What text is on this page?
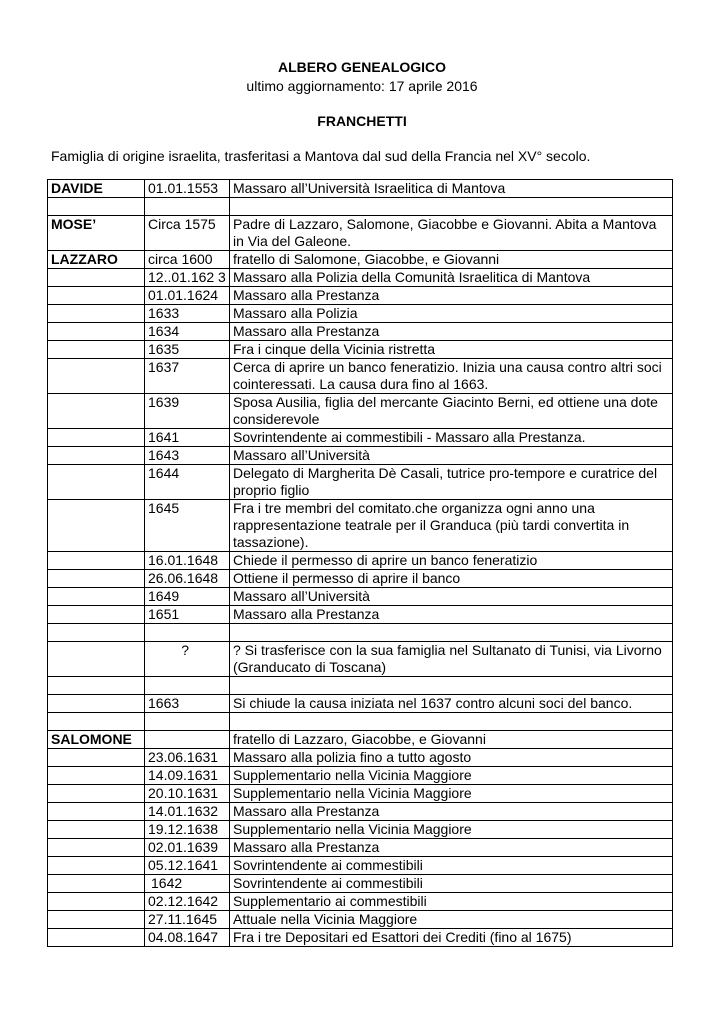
ALBERO GENEALOGICO
ultimo aggiornamento: 17 aprile 2016
FRANCHETTI
Famiglia di origine israelita, trasferitasi a Mantova dal sud della Francia nel XV° secolo.
DAVIDE	01.01.1553	Massaro all’Università Israelitica di Mantova

MOSE’	Circa 1575	Padre di Lazzaro, Salomone, Giacobbe e Giovanni. Abita a Mantova in Via del Galeone.
LAZZARO	circa 1600	fratello di Salomone, Giacobbe, e Giovanni
	12..01.162 3	Massaro alla Polizia della Comunità Israelitica di Mantova
	01.01.1624	Massaro alla Prestanza
	1633	Massaro alla Polizia
	1634	Massaro alla Prestanza
	1635	Fra i cinque della Vicinia ristretta
	1637	Cerca di aprire un banco feneratizio. Inizia una causa contro altri soci cointeressati. La causa dura fino al 1663.
	1639	Sposa Ausilia, figlia del mercante Giacinto Berni, ed ottiene una dote considerevole
	1641	Sovrintendente ai commestibili - Massaro alla Prestanza.
	1643	Massaro all’Università
	1644	Delegato di Margherita Dè Casali, tutrice pro-tempore e curatrice del proprio figlio
	1645	Fra i tre membri del comitato.che organizza ogni anno una rappresentazione teatrale per il Granduca (più tardi convertita in tassazione).
	16.01.1648	Chiede il permesso di aprire un banco feneratizio
	26.06.1648	Ottiene il permesso di aprire il banco
	1649	Massaro all’Università
	1651	Massaro alla Prestanza

	?	? Si trasferisce con la sua famiglia nel Sultanato di Tunisi, via Livorno (Granducato di Toscana)

	1663	Si chiude la causa iniziata nel 1637 contro alcuni soci del banco.

SALOMONE		fratello di Lazzaro, Giacobbe, e Giovanni
	23.06.1631	Massaro alla polizia fino a tutto agosto
	14.09.1631	Supplementario nella Vicinia Maggiore
	20.10.1631	Supplementario nella Vicinia Maggiore
	14.01.1632	Massaro alla Prestanza
	19.12.1638	Supplementario nella Vicinia Maggiore
	02.01.1639	Massaro alla Prestanza
	05.12.1641	Sovrintendente ai commestibili
	1642	Sovrintendente ai commestibili
	02.12.1642	Supplementario ai commestibili
	27.11.1645	Attuale nella Vicinia Maggiore
	04.08.1647	Fra i tre Depositari ed Esattori dei Crediti (fino al 1675)
